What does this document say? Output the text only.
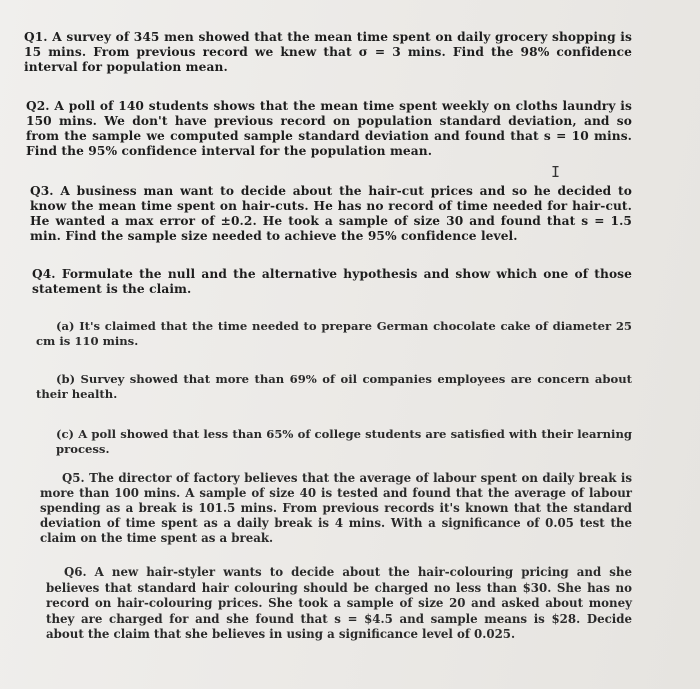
Q1. A survey of 345 men showed that the mean time spent on daily grocery shopping is 15 mins. From previous record we knew that σ = 3 mins. Find the 98% confidence interval for population mean.
Q2. A poll of 140 students shows that the mean time spent weekly on cloths laundry is 150 mins. We don't have previous record on population standard deviation, and so from the sample we computed sample standard deviation and found that s = 10 mins. Find the 95% confidence interval for the population mean.
I
Q3. A business man want to decide about the hair-cut prices and so he decided to know the mean time spent on hair-cuts. He has no record of time needed for hair-cut. He wanted a max error of ±0.2. He took a sample of size 30 and found that s = 1.5 min. Find the sample size needed to achieve the 95% confidence level.
Q4. Formulate the null and the alternative hypothesis and show which one of those statement is the claim.
(a) It's claimed that the time needed to prepare German chocolate cake of diameter 25 cm is 110 mins.
(b) Survey showed that more than 69% of oil companies employees are concern about their health.
(c) A poll showed that less than 65% of college students are satisfied with their learning process.
Q5. The director of factory believes that the average of labour spent on daily break is more than 100 mins. A sample of size 40 is tested and found that the average of labour spending as a break is 101.5 mins. From previous records it's known that the standard deviation of time spent as a daily break is 4 mins. With a significance of 0.05 test the claim on the time spent as a break.
Q6. A new hair-styler wants to decide about the hair-colouring pricing and she believes that standard hair colouring should be charged no less than $30. She has no record on hair-colouring prices. She took a sample of size 20 and asked about money they are charged for and she found that s = $4.5 and sample means is $28. Decide about the claim that she believes in using a significance level of 0.025.
